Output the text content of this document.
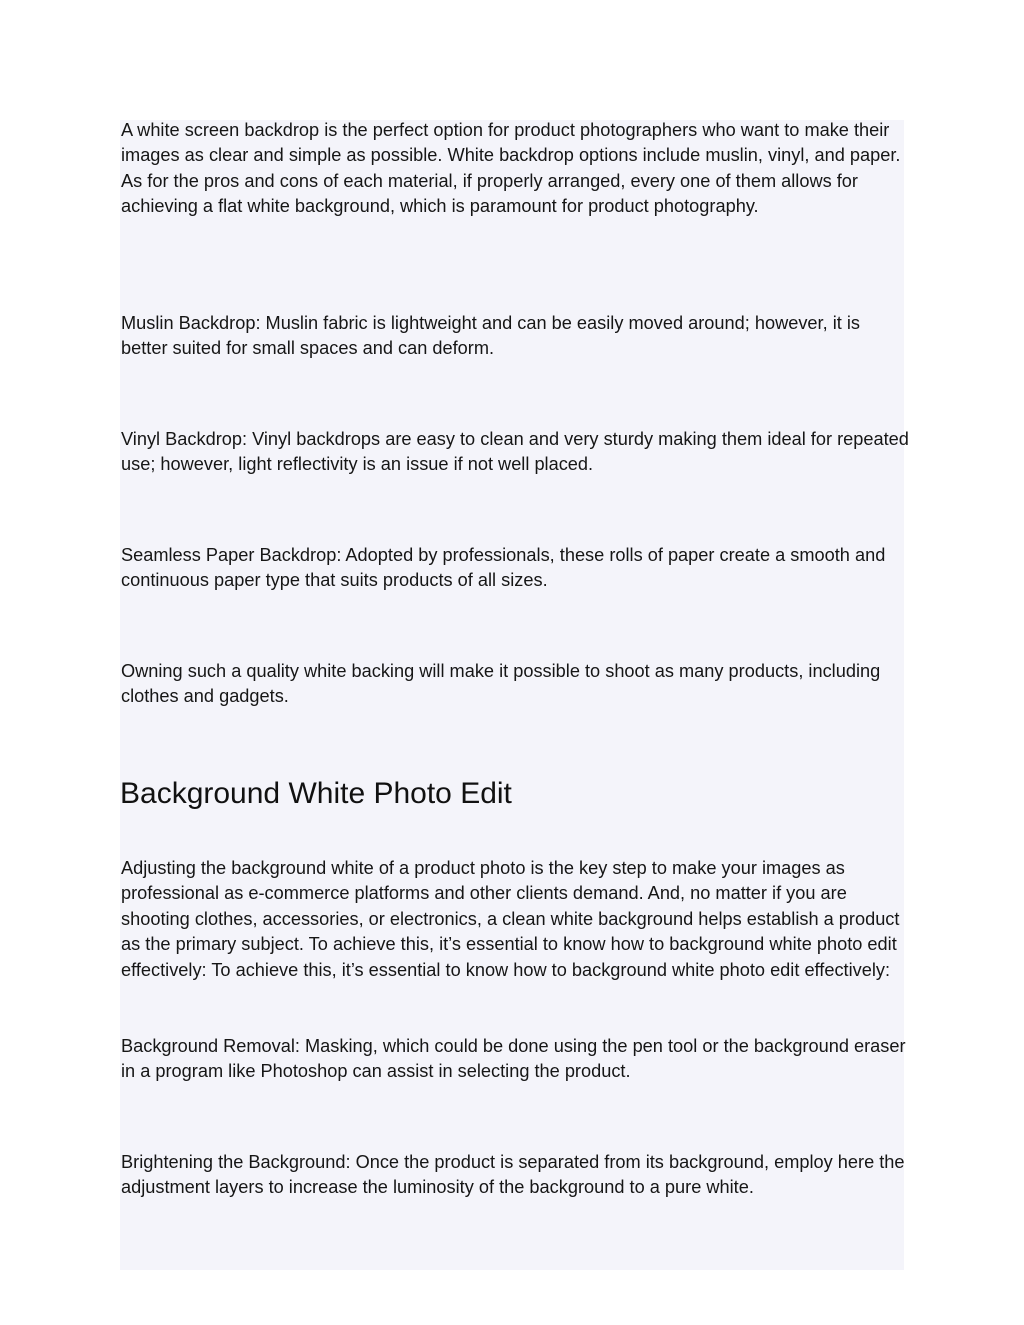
A white screen backdrop is the perfect option for product photographers who want to make their images as clear and simple as possible. White backdrop options include muslin, vinyl, and paper. As for the pros and cons of each material, if properly arranged, every one of them allows for achieving a flat white background, which is paramount for product photography.

Muslin Backdrop: Muslin fabric is lightweight and can be easily moved around; however, it is better suited for small spaces and can deform.

Vinyl Backdrop: Vinyl backdrops are easy to clean and very sturdy making them ideal for repeated use; however, light reflectivity is an issue if not well placed.

Seamless Paper Backdrop: Adopted by professionals, these rolls of paper create a smooth and continuous paper type that suits products of all sizes.

Owning such a quality white backing will make it possible to shoot as many products, including clothes and gadgets.

Background White Photo Edit

Adjusting the background white of a product photo is the key step to make your images as professional as e-commerce platforms and other clients demand. And, no matter if you are shooting clothes, accessories, or electronics, a clean white background helps establish a product as the primary subject. To achieve this, it’s essential to know how to background white photo edit effectively: To achieve this, it’s essential to know how to background white photo edit effectively:

Background Removal: Masking, which could be done using the pen tool or the background eraser in a program like Photoshop can assist in selecting the product.

Brightening the Background: Once the product is separated from its background, employ here the adjustment layers to increase the luminosity of the background to a pure white.
